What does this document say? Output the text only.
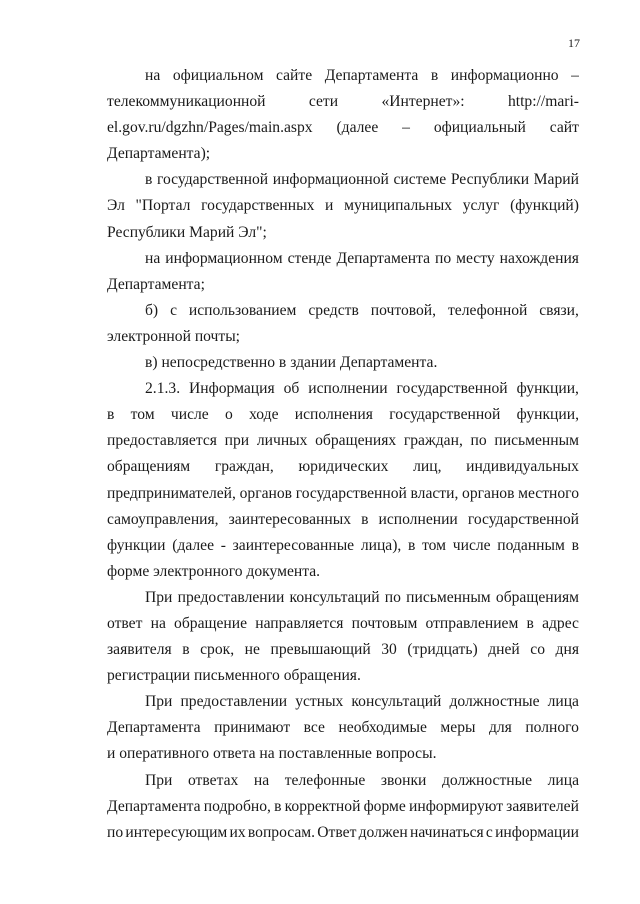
17
на официальном сайте Департамента в информационно –
телекоммуникационной	сети	«Интернет»:	http://mari-
el.gov.ru/dgzhn/Pages/main.aspx (далее – официальный сайт
Департамента);
в государственной информационной системе Республики Марий
Эл "Портал государственных и муниципальных услуг (функций)
Республики Марий Эл";
на информационном стенде Департамента по месту нахождения
Департамента;
б) с использованием средств почтовой, телефонной связи,
электронной почты;
в) непосредственно в здании Департамента.
2.1.3. Информация об исполнении государственной функции,
в том числе о ходе исполнения государственной функции,
предоставляется при личных обращениях граждан, по письменным
обращениям граждан, юридических лиц, индивидуальных
предпринимателей, органов государственной власти, органов местного
самоуправления, заинтересованных в исполнении государственной
функции (далее - заинтересованные лица), в том числе поданным в
форме электронного документа.
При предоставлении консультаций по письменным обращениям
ответ на обращение направляется почтовым отправлением в адрес
заявителя в срок, не превышающий 30 (тридцать) дней со дня
регистрации письменного обращения.
При предоставлении устных консультаций должностные лица
Департамента принимают все необходимые меры для полного
и оперативного ответа на поставленные вопросы.
При ответах на телефонные звонки должностные лица
Департамента подробно, в корректной форме информируют заявителей
по интересующим их вопросам. Ответ должен начинаться с информации
